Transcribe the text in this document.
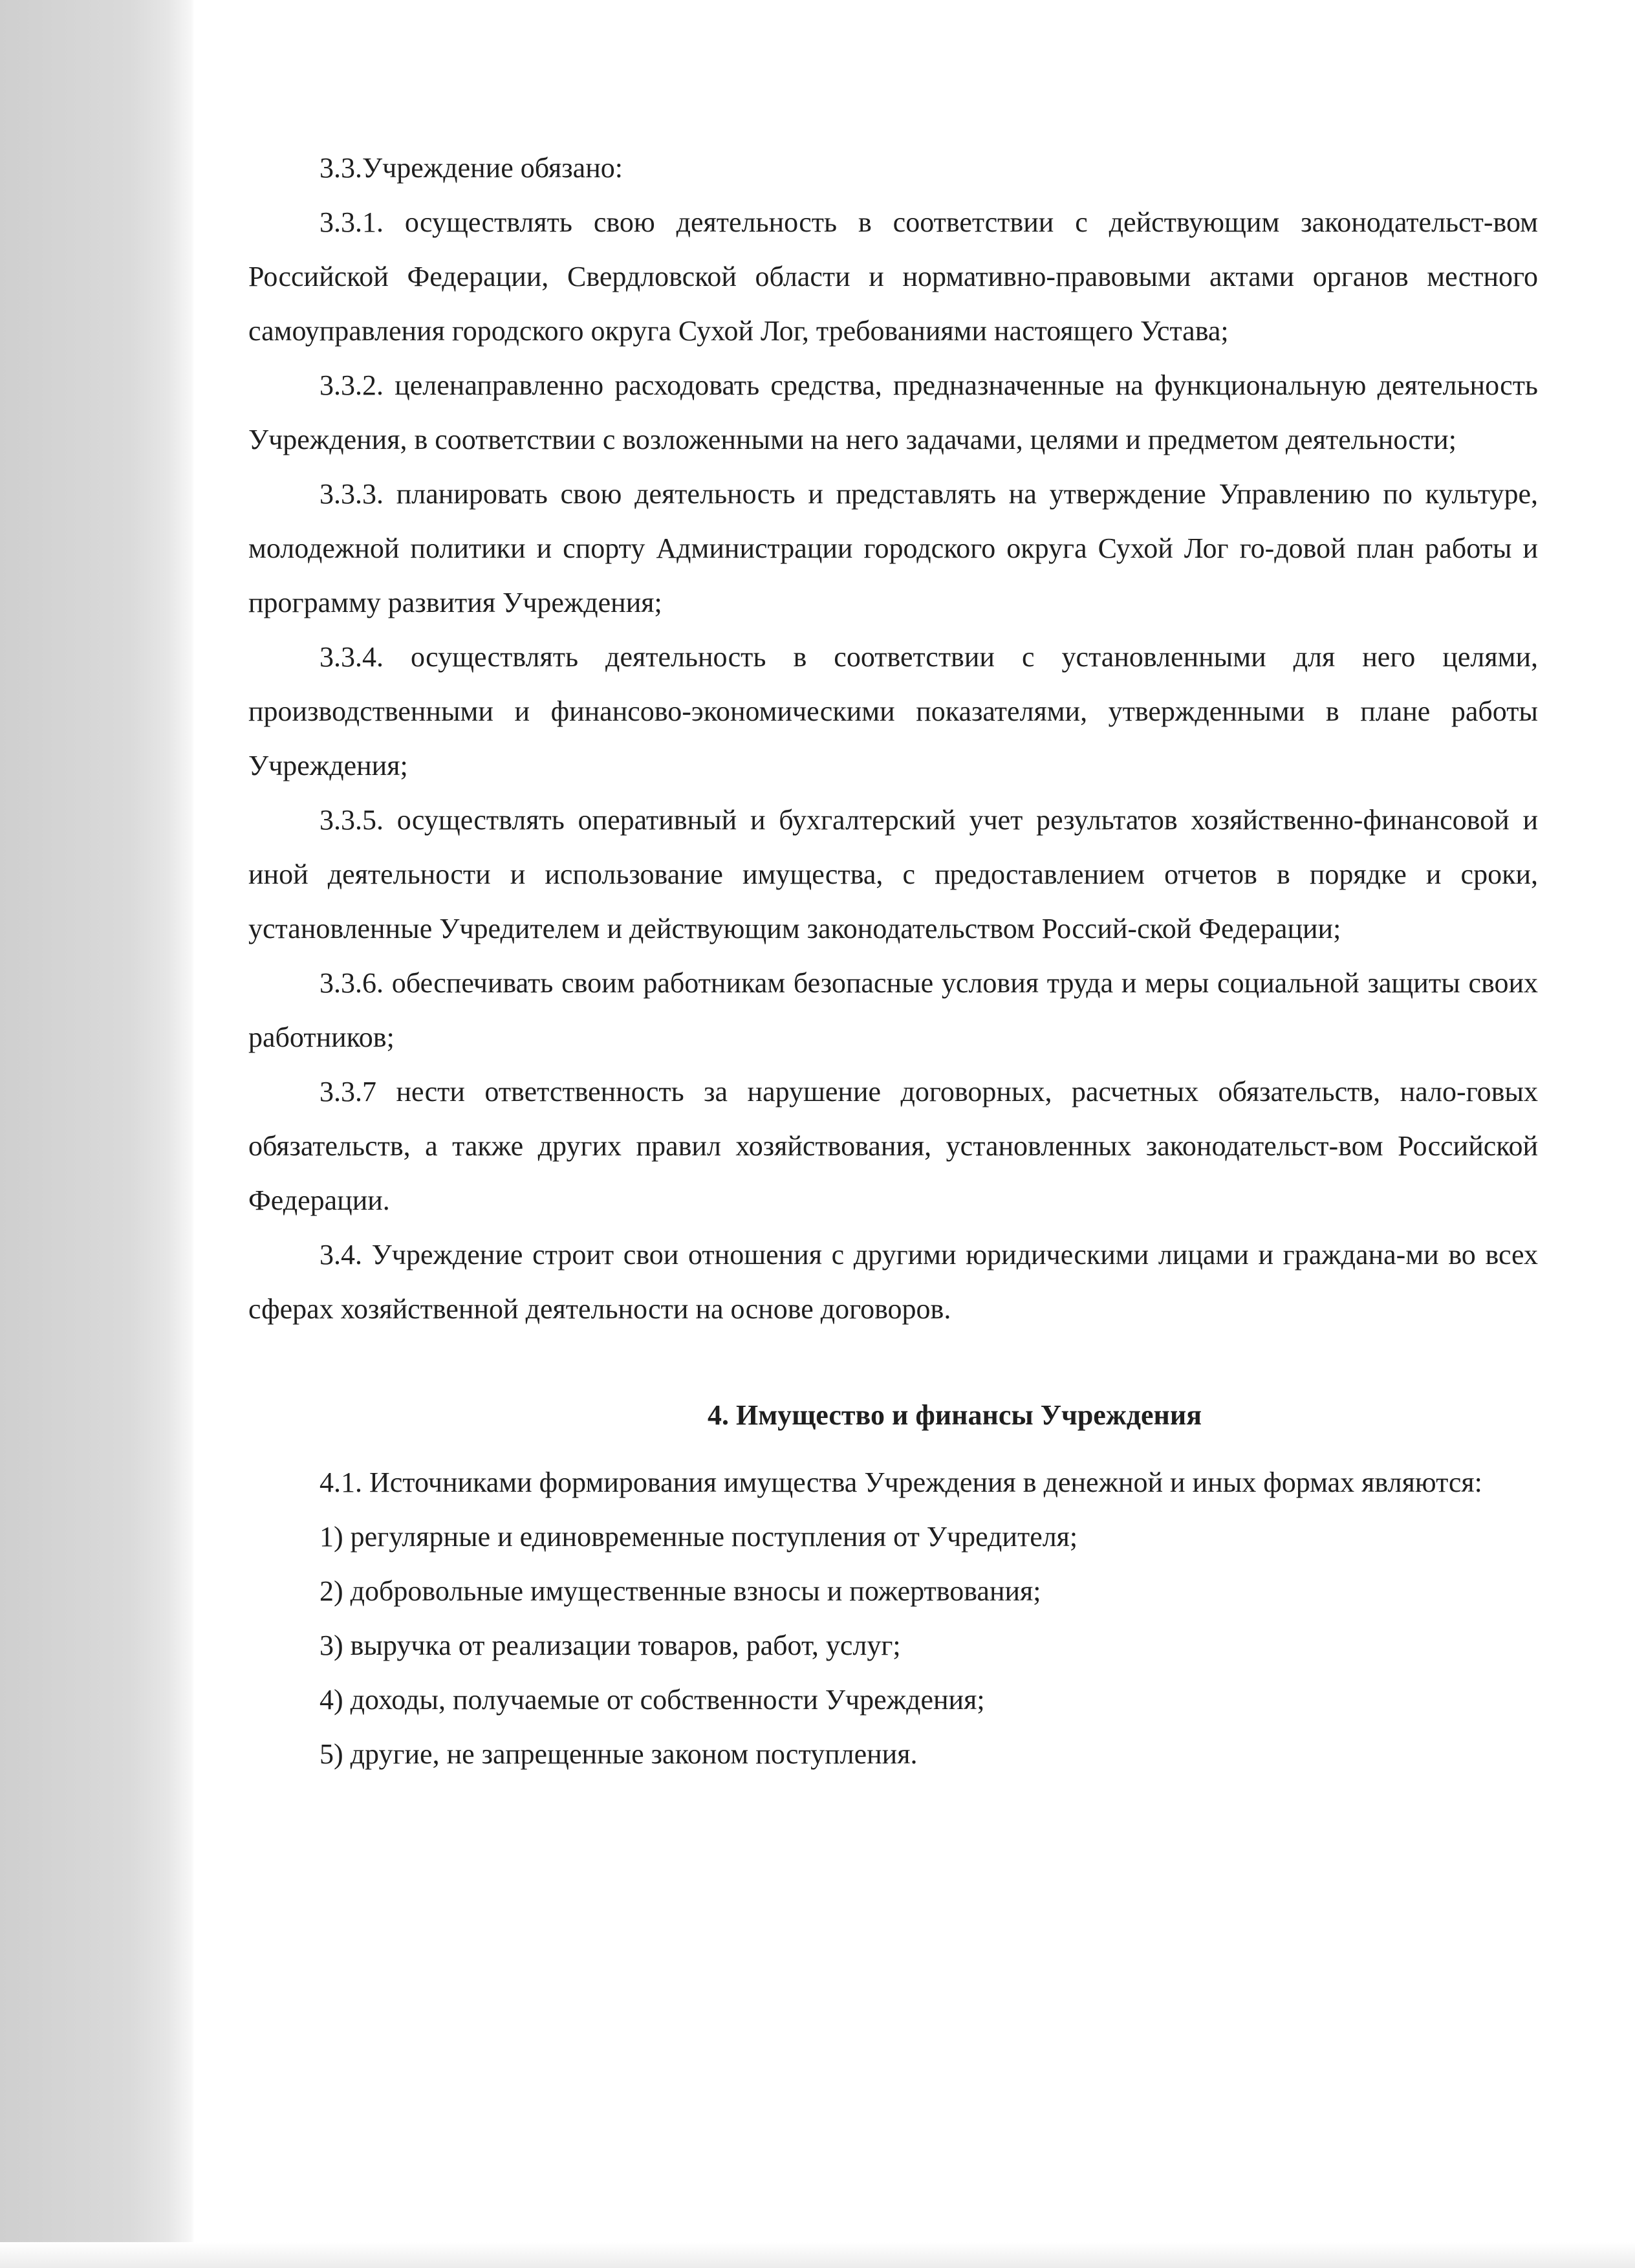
3.3.Учреждение обязано:

3.3.1. осуществлять свою деятельность в соответствии с действующим законодательст-вом Российской Федерации, Свердловской области и нормативно-правовыми актами органов местного самоуправления городского округа Сухой Лог, требованиями настоящего Устава;

3.3.2. целенаправленно расходовать средства, предназначенные на функциональную деятельность Учреждения, в соответствии с возложенными на него задачами, целями и предметом деятельности;

3.3.3. планировать свою деятельность и представлять на утверждение Управлению по культуре, молодежной политики и спорту Администрации городского округа Сухой Лог го-довой план работы и программу развития Учреждения;

3.3.4. осуществлять деятельность в соответствии с установленными для него целями, производственными и финансово-экономическими показателями, утвержденными в плане работы Учреждения;

3.3.5. осуществлять оперативный и бухгалтерский учет результатов хозяйственно-финансовой и иной деятельности и использование имущества, с предоставлением отчетов в порядке и сроки, установленные Учредителем и действующим законодательством Россий-ской Федерации;

3.3.6. обеспечивать своим работникам безопасные условия труда и меры социальной защиты своих работников;

3.3.7 нести ответственность за нарушение договорных, расчетных обязательств, нало-говых обязательств, а также других правил хозяйствования, установленных законодательст-вом Российской Федерации.

3.4. Учреждение строит свои отношения с другими юридическими лицами и граждана-ми во всех сферах хозяйственной деятельности на основе договоров.

4. Имущество и финансы Учреждения

4.1. Источниками формирования имущества Учреждения в денежной и иных формах являются:

1) регулярные и единовременные поступления от Учредителя;

2) добровольные имущественные взносы и пожертвования;

3) выручка от реализации товаров, работ, услуг;

4) доходы, получаемые от собственности Учреждения;

5) другие, не запрещенные законом поступления.
